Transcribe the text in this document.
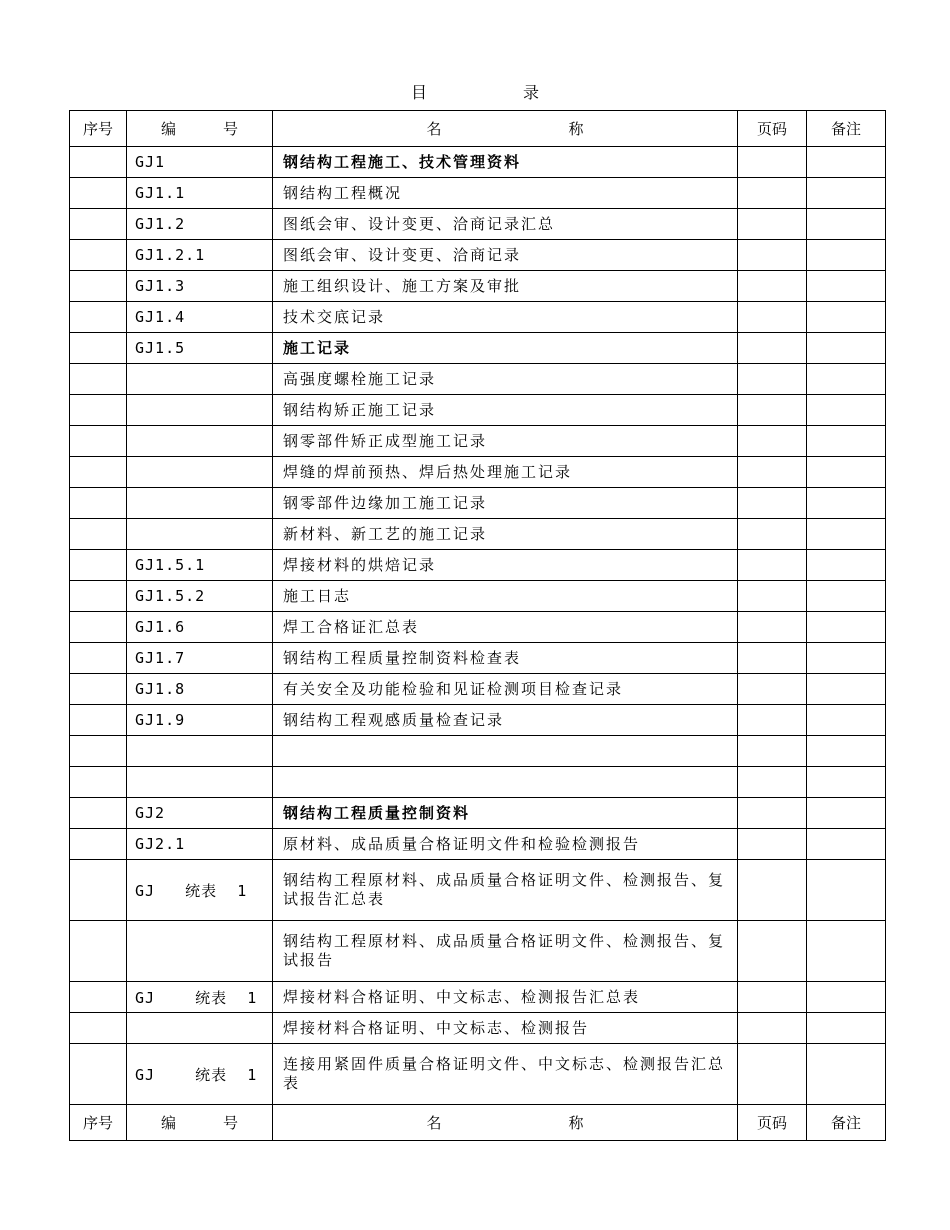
目　录
序号	编　号	名　称	页码	备注
	GJ1	钢结构工程施工、技术管理资料		
	GJ1.1	钢结构工程概况		
	GJ1.2	图纸会审、设计变更、洽商记录汇总		
	GJ1.2.1	图纸会审、设计变更、洽商记录		
	GJ1.3	施工组织设计、施工方案及审批		
	GJ1.4	技术交底记录		
	GJ1.5	施工记录		
		高强度螺栓施工记录		
		钢结构矫正施工记录		
		钢零部件矫正成型施工记录		
		焊缝的焊前预热、焊后热处理施工记录		
		钢零部件边缘加工施工记录		
		新材料、新工艺的施工记录		
	GJ1.5.1	焊接材料的烘焙记录		
	GJ1.5.2	施工日志		
	GJ1.6	焊工合格证汇总表		
	GJ1.7	钢结构工程质量控制资料检查表		
	GJ1.8	有关安全及功能检验和见证检测项目检查记录		
	GJ1.9	钢结构工程观感质量检查记录		

	GJ2	钢结构工程质量控制资料		
	GJ2.1	原材料、成品质量合格证明文件和检验检测报告		
	GJ   统表  1	钢结构工程原材料、成品质量合格证明文件、检测报告、复试报告汇总表		
		钢结构工程原材料、成品质量合格证明文件、检测报告、复试报告		
	GJ    统表  1	焊接材料合格证明、中文标志、检测报告汇总表		
		焊接材料合格证明、中文标志、检测报告		
	GJ    统表  1	连接用紧固件质量合格证明文件、中文标志、检测报告汇总表		
序号	编　号	名　称	页码	备注
